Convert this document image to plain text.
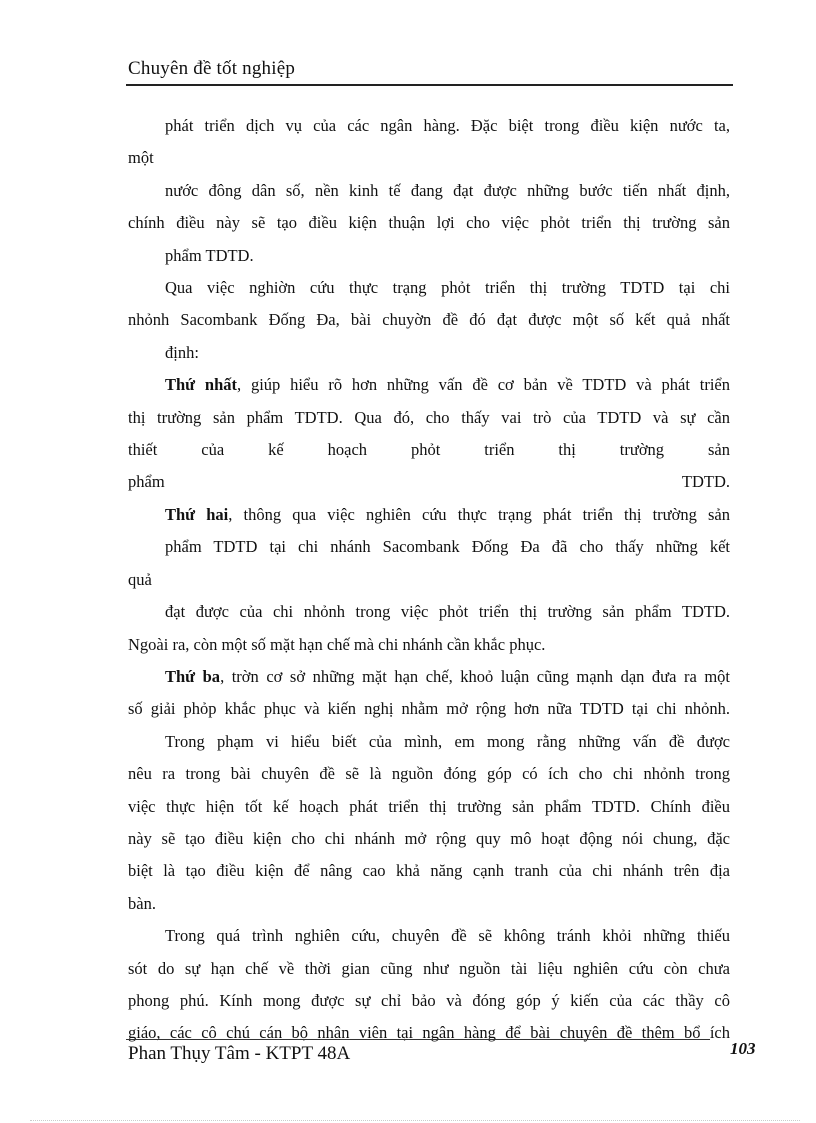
Chuyên đề tốt nghiệp
phát triển dịch vụ của các ngân hàng. Đặc biệt trong điều kiện nước ta,
một
nước đông dân số, nền kinh tế đang đạt được những bước tiến nhất định,
chính điều này sẽ tạo điều kiện thuận lợi cho việc phỏt triển thị trường sản
phẩm TDTD.
Qua việc nghiờn cứu thực trạng phỏt triển thị trường TDTD tại chi
nhỏnh Sacombank Đống Đa, bài chuyờn đề đó đạt được một số kết quả nhất
định:
Thứ nhất, giúp hiểu rõ hơn những vấn đề cơ bản về TDTD và phát triển
thị trường sản phẩm TDTD. Qua đó, cho thấy vai trò của TDTD và sự cần
thiết của kế hoạch phỏt triển thị trường sản phẩm TDTD.
Thứ hai, thông qua việc nghiên cứu thực trạng phát triển thị trường sản
phẩm TDTD tại chi nhánh Sacombank Đống Đa đã cho thấy những kết
quả
đạt được của chi nhỏnh trong việc phỏt triển thị trường sản phẩm TDTD.
Ngoài ra, còn một số mặt hạn chế mà chi nhánh cần khắc phục.
Thứ ba, trờn cơ sở những mặt hạn chế, khoỏ luận cũng mạnh dạn đưa ra một
số giải phỏp khắc phục và kiến nghị nhằm mở rộng hơn nữa TDTD tại chi nhỏnh.
Trong phạm vi hiểu biết của mình, em mong rằng những vấn đề được
nêu ra trong bài chuyên đề sẽ là nguồn đóng góp có ích cho chi nhỏnh trong
việc thực hiện tốt kế hoạch phát triển thị trường sản phẩm TDTD. Chính điều
này sẽ tạo điều kiện cho chi nhánh mở rộng quy mô hoạt động nói chung, đặc
biệt là tạo điều kiện để nâng cao khả năng cạnh tranh của chi nhánh trên địa
bàn.
Trong quá trình nghiên cứu, chuyên đề sẽ không tránh khỏi những thiếu
sót do sự hạn chế về thời gian cũng như nguồn tài liệu nghiên cứu còn chưa
phong phú. Kính mong được sự chỉ bảo và đóng góp ý kiến của các thầy cô
giáo, các cô chú cán bộ nhân viên tại ngân hàng để bài chuyên đề thêm bổ ích
Phan Thụy Tâm - KTPT 48A	103
